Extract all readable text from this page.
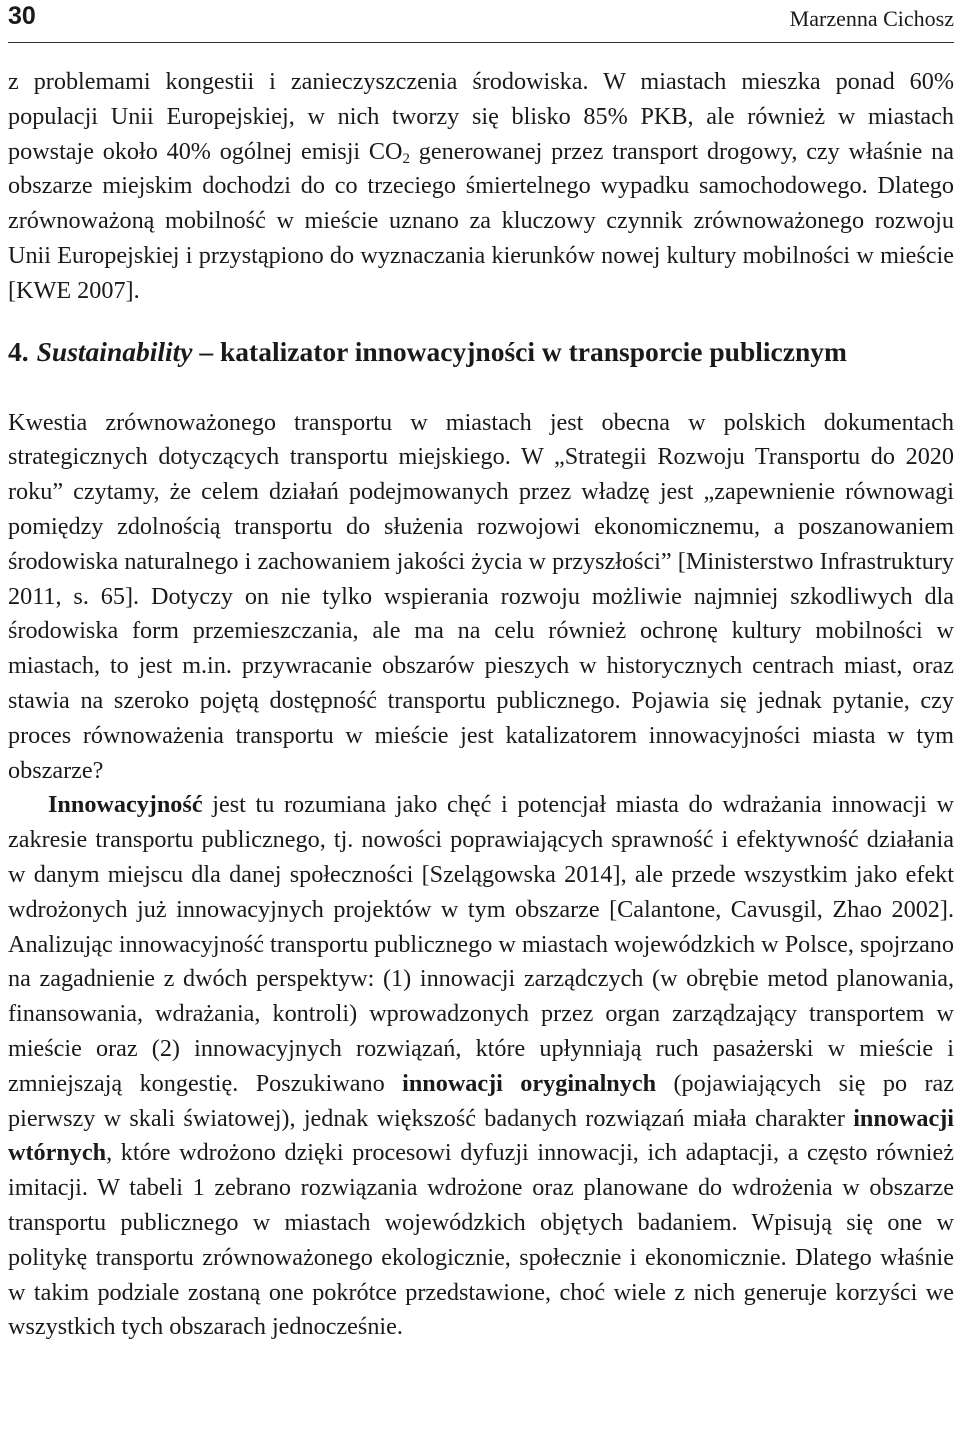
30	Marzenna Cichosz

z problemami kongestii i zanieczyszczenia środowiska. W miastach mieszka ponad 60% populacji Unii Europejskiej, w nich tworzy się blisko 85% PKB, ale również w miastach powstaje około 40% ogólnej emisji $CO_2$ generowanej przez transport drogowy, czy właśnie na obszarze miejskim dochodzi do co trzeciego śmiertelnego wypadku samochodowego. Dlatego zrównoważoną mobilność w mieście uznano za kluczowy czynnik zrównoważonego rozwoju Unii Europejskiej i przystąpiono do wyznaczania kierunków nowej kultury mobilności w mieście [KWE 2007].

4. Sustainability – katalizator innowacyjności w transporcie publicznym

Kwestia zrównoważonego transportu w miastach jest obecna w polskich dokumentach strategicznych dotyczących transportu miejskiego. W „Strategii Rozwoju Transportu do 2020 roku” czytamy, że celem działań podejmowanych przez władzę jest „zapewnienie równowagi pomiędzy zdolnością transportu do służenia rozwojowi ekonomicznemu, a poszanowaniem środowiska naturalnego i zachowaniem jakości życia w przyszłości” [Ministerstwo Infrastruktury 2011, s. 65]. Dotyczy on nie tylko wspierania rozwoju możliwie najmniej szkodliwych dla środowiska form przemieszczania, ale ma na celu również ochronę kultury mobilności w miastach, to jest m.in. przywracanie obszarów pieszych w historycznych centrach miast, oraz stawia na szeroko pojętą dostępność transportu publicznego. Pojawia się jednak pytanie, czy proces równoważenia transportu w mieście jest katalizatorem innowacyjności miasta w tym obszarze?

Innowacyjność jest tu rozumiana jako chęć i potencjał miasta do wdrażania innowacji w zakresie transportu publicznego, tj. nowości poprawiających sprawność i efektywność działania w danym miejscu dla danej społeczności [Szelągowska 2014], ale przede wszystkim jako efekt wdrożonych już innowacyjnych projektów w tym obszarze [Calantone, Cavusgil, Zhao 2002]. Analizując innowacyjność transportu publicznego w miastach wojewódzkich w Polsce, spojrzano na zagadnienie z dwóch perspektyw: (1) innowacji zarządczych (w obrębie metod planowania, finansowania, wdrażania, kontroli) wprowadzonych przez organ zarządzający transportem w mieście oraz (2) innowacyjnych rozwiązań, które upłynniają ruch pasażerski w mieście i zmniejszają kongestię. Poszukiwano innowacji oryginalnych (pojawiających się po raz pierwszy w skali światowej), jednak większość badanych rozwiązań miała charakter innowacji wtórnych, które wdrożono dzięki procesowi dyfuzji innowacji, ich adaptacji, a często również imitacji. W tabeli 1 zebrano rozwiązania wdrożone oraz planowane do wdrożenia w obszarze transportu publicznego w miastach wojewódzkich objętych badaniem. Wpisują się one w politykę transportu zrównoważonego ekologicznie, społecznie i ekonomicznie. Dlatego właśnie w takim podziale zostaną one pokrótce przedstawione, choć wiele z nich generuje korzyści we wszystkich tych obszarach jednocześnie.
